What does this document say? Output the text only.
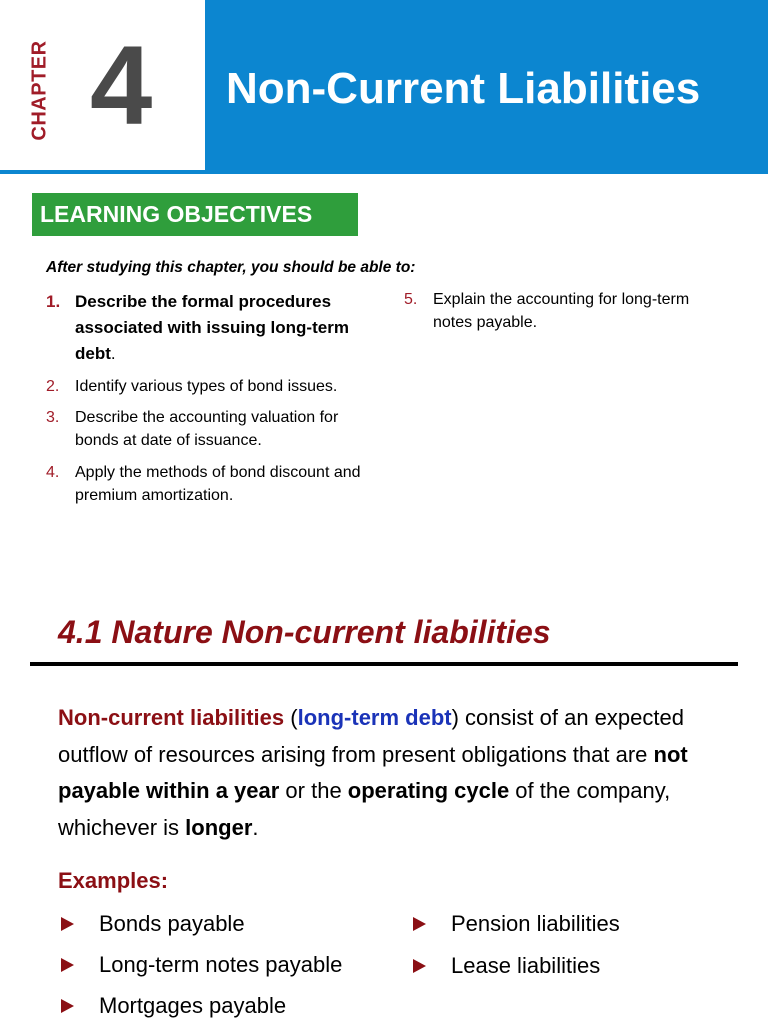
CHAPTER 4 Non-Current Liabilities
LEARNING OBJECTIVES
After studying this chapter, you should be able to:
1. Describe the formal procedures associated with issuing long-term debt.
2. Identify various types of bond issues.
3. Describe the accounting valuation for bonds at date of issuance.
4. Apply the methods of bond discount and premium amortization.
5. Explain the accounting for long-term notes payable.
4.1 Nature Non-current liabilities
Non-current liabilities (long-term debt) consist of an expected outflow of resources arising from present obligations that are not payable within a year or the operating cycle of the company, whichever is longer.
Examples:
Bonds payable
Long-term notes payable
Mortgages payable
Pension liabilities
Lease liabilities
